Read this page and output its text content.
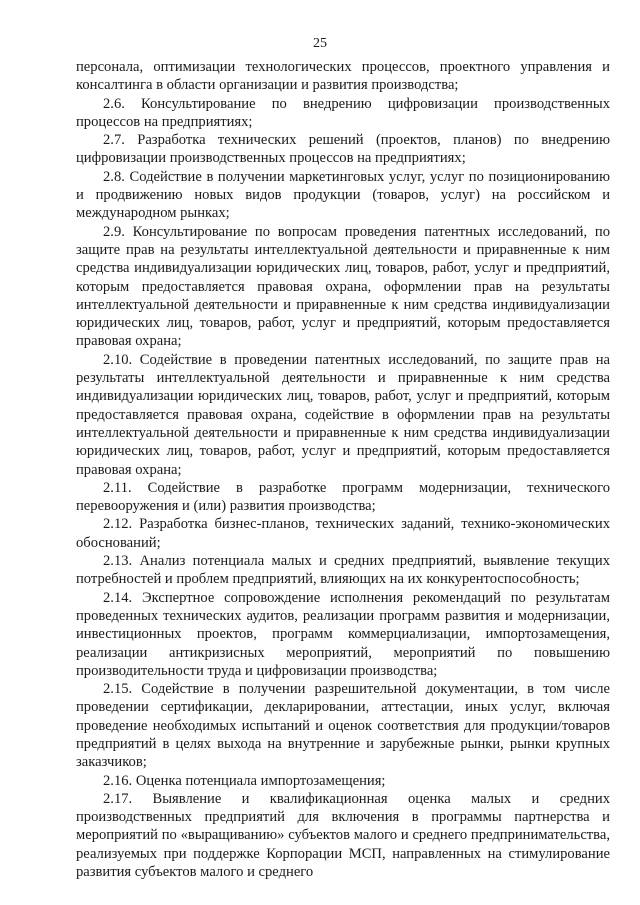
25

персонала, оптимизации технологических процессов, проектного управления и консалтинга в области организации и развития производства;

2.6. Консультирование по внедрению цифровизации производственных процессов на предприятиях;

2.7. Разработка технических решений (проектов, планов) по внедрению цифровизации производственных процессов на предприятиях;

2.8. Содействие в получении маркетинговых услуг, услуг по позиционированию и продвижению новых видов продукции (товаров, услуг) на российском и международном рынках;

2.9. Консультирование по вопросам проведения патентных исследований, по защите прав на результаты интеллектуальной деятельности и приравненные к ним средства индивидуализации юридических лиц, товаров, работ, услуг и предприятий, которым предоставляется правовая охрана, оформлении прав на результаты интеллектуальной деятельности и приравненные к ним средства индивидуализации юридических лиц, товаров, работ, услуг и предприятий, которым предоставляется правовая охрана;

2.10. Содействие в проведении патентных исследований, по защите прав на результаты интеллектуальной деятельности и приравненные к ним средства индивидуализации юридических лиц, товаров, работ, услуг и предприятий, которым предоставляется правовая охрана, содействие в оформлении прав на результаты интеллектуальной деятельности и приравненные к ним средства индивидуализации юридических лиц, товаров, работ, услуг и предприятий, которым предоставляется правовая охрана;

2.11. Содействие в разработке программ модернизации, технического перевооружения и (или) развития производства;

2.12. Разработка бизнес-планов, технических заданий, технико-экономических обоснований;

2.13. Анализ потенциала малых и средних предприятий, выявление текущих потребностей и проблем предприятий, влияющих на их конкурентоспособность;

2.14. Экспертное сопровождение исполнения рекомендаций по результатам проведенных технических аудитов, реализации программ развития и модернизации, инвестиционных проектов, программ коммерциализации, импортозамещения, реализации антикризисных мероприятий, мероприятий по повышению производительности труда и цифровизации производства;

2.15. Содействие в получении разрешительной документации, в том числе проведении сертификации, декларировании, аттестации, иных услуг, включая проведение необходимых испытаний и оценок соответствия для продукции/товаров предприятий в целях выхода на внутренние и зарубежные рынки, рынки крупных заказчиков;

2.16. Оценка потенциала импортозамещения;

2.17. Выявление и квалификационная оценка малых и средних производственных предприятий для включения в программы партнерства и мероприятий по «выращиванию» субъектов малого и среднего предпринимательства, реализуемых при поддержке Корпорации МСП, направленных на стимулирование развития субъектов малого и среднего
